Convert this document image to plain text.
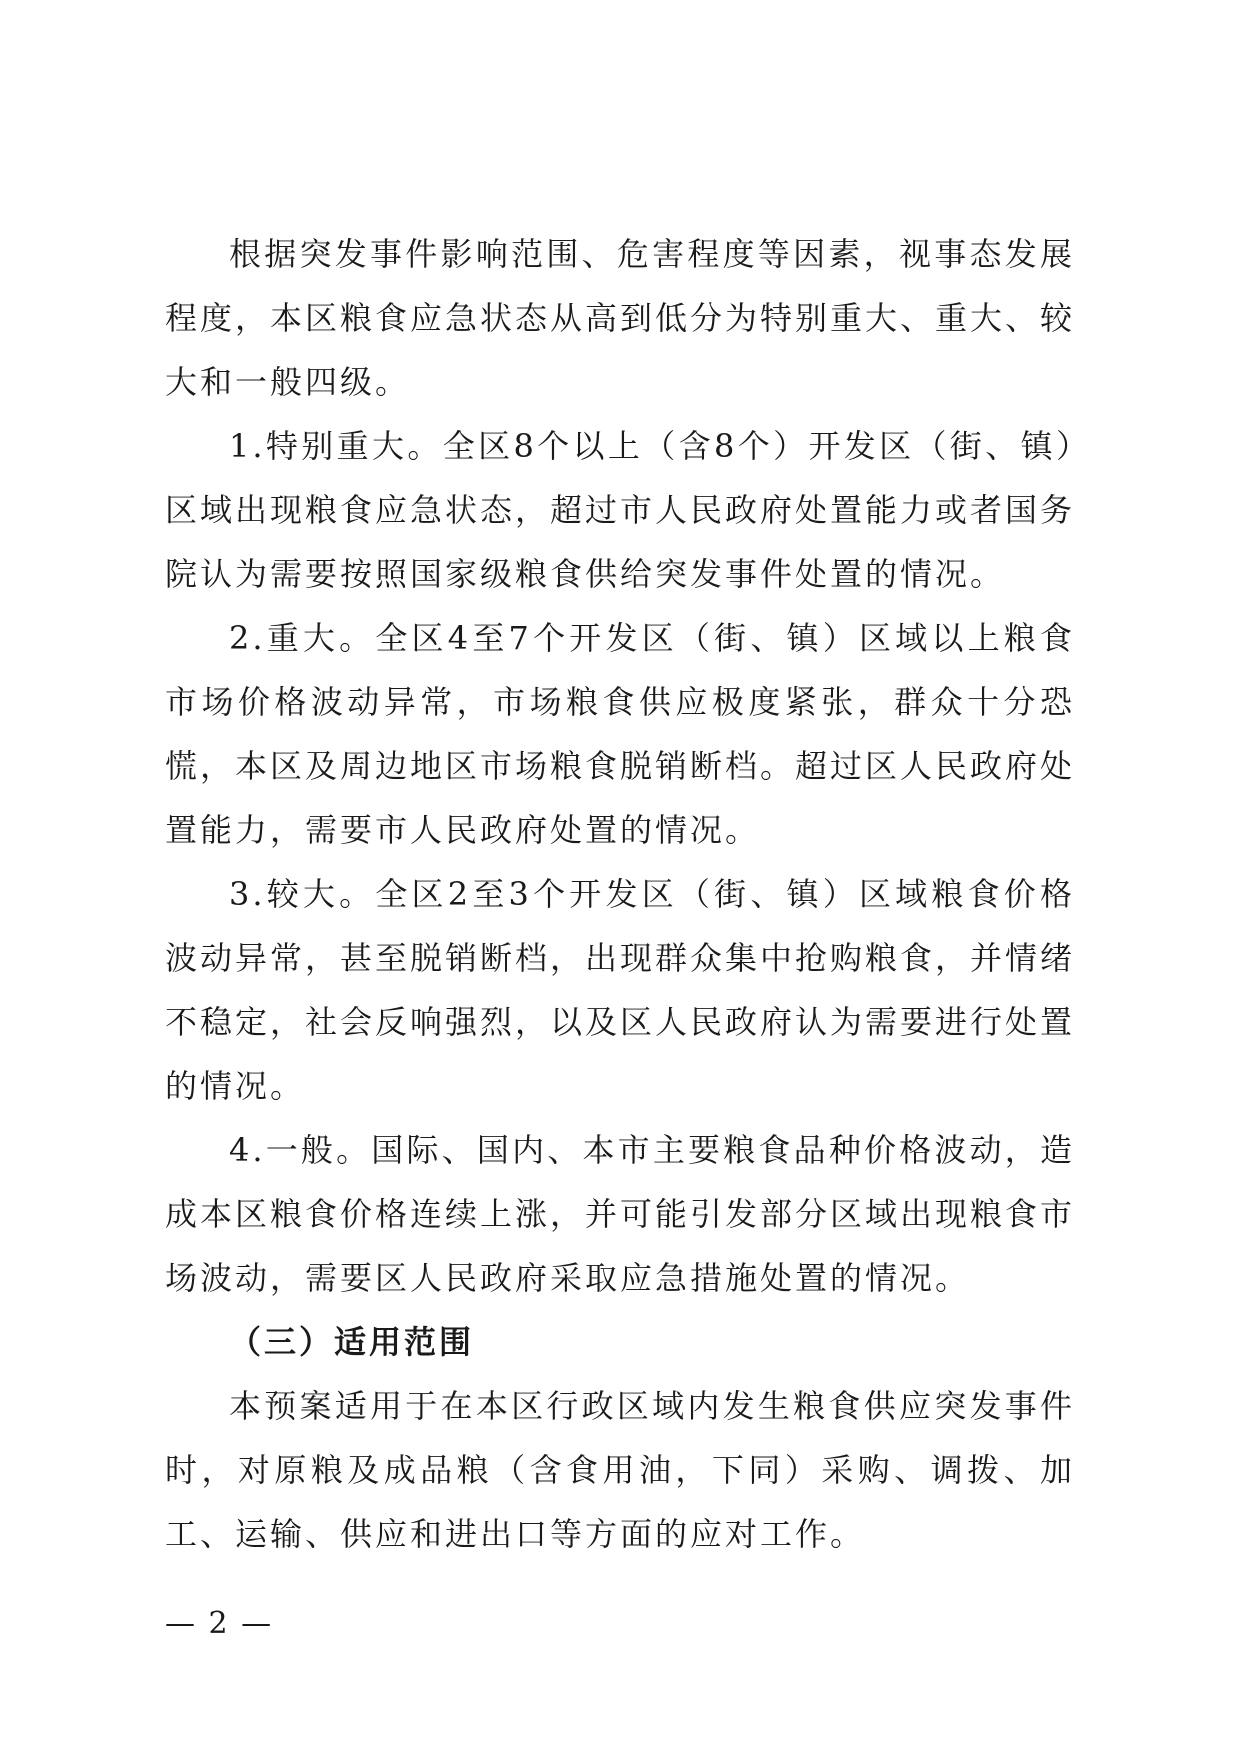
根据突发事件影响范围、危害程度等因素，视事态发展程度，本区粮食应急状态从高到低分为特别重大、重大、较大和一般四级。

1.特别重大。全区8个以上（含8个）开发区（街、镇）区域出现粮食应急状态，超过市人民政府处置能力或者国务院认为需要按照国家级粮食供给突发事件处置的情况。

2.重大。全区4至7个开发区（街、镇）区域以上粮食市场价格波动异常，市场粮食供应极度紧张，群众十分恐慌，本区及周边地区市场粮食脱销断档。超过区人民政府处置能力，需要市人民政府处置的情况。

3.较大。全区2至3个开发区（街、镇）区域粮食价格波动异常，甚至脱销断档，出现群众集中抢购粮食，并情绪不稳定，社会反响强烈，以及区人民政府认为需要进行处置的情况。

4.一般。国际、国内、本市主要粮食品种价格波动，造成本区粮食价格连续上涨，并可能引发部分区域出现粮食市场波动，需要区人民政府采取应急措施处置的情况。

（三）适用范围

本预案适用于在本区行政区域内发生粮食供应突发事件时，对原粮及成品粮（含食用油，下同）采购、调拨、加工、运输、供应和进出口等方面的应对工作。

— 2 —
